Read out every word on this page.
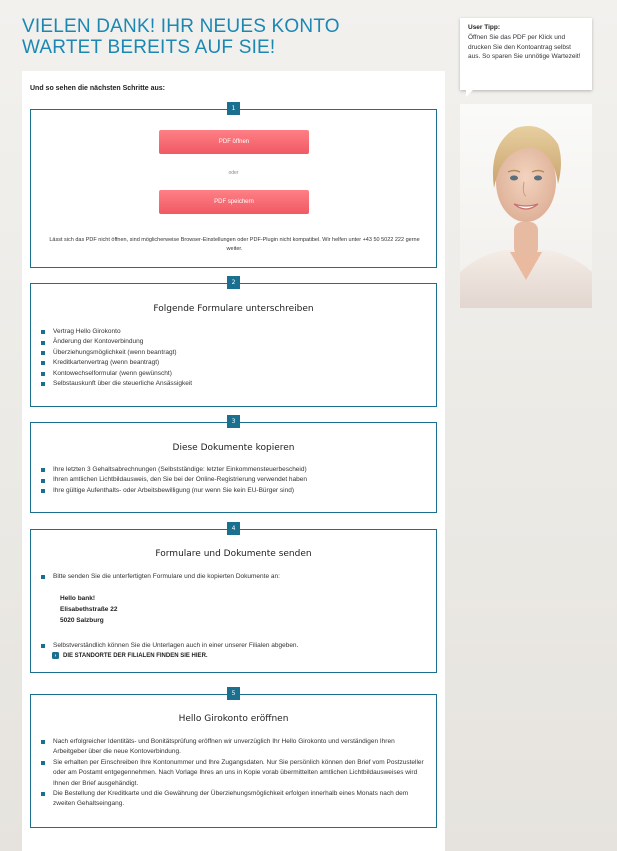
VIELEN DANK! IHR NEUES KONTO WARTET BEREITS AUF SIE!
Und so sehen die nächsten Schritte aus:
1
PDF öffnen
oder
PDF speichern
Lässt sich das PDF nicht öffnen, sind möglicherweise Browser-Einstellungen oder PDF-Plugin nicht kompatibel. Wir helfen unter +43 50 5022 222 gerne weiter.
2
Folgende Formulare unterschreiben
Vertrag Hello Girokonto
Änderung der Kontoverbindung
Überziehungsmöglichkeit (wenn beantragt)
Kreditkartenvertrag (wenn beantragt)
Kontowechselformular (wenn gewünscht)
Selbstauskunft über die steuerliche Ansässigkeit
3
Diese Dokumente kopieren
Ihre letzten 3 Gehaltsabrechnungen (Selbstständige: letzter Einkommensteuerbescheid)
Ihren amtlichen Lichtbildausweis, den Sie bei der Online-Registrierung verwendet haben
Ihre gültige Aufenthalts- oder Arbeitsbewilligung (nur wenn Sie kein EU-Bürger sind)
4
Formulare und Dokumente senden
Bitte senden Sie die unterfertigten Formulare und die kopierten Dokumente an:
Hello bank!
Elisabethstraße 22
5020 Salzburg
Selbstverständlich können Sie die Unterlagen auch in einer unserer Filialen abgeben.
›	DIE STANDORTE DER FILIALEN FINDEN SIE HIER.
5
Hello Girokonto eröffnen
Nach erfolgreicher Identitäts- und Bonitätsprüfung eröffnen wir unverzüglich Ihr Hello Girokonto und verständigen Ihren Arbeitgeber über die neue Kontoverbindung.
Sie erhalten per Einschreiben Ihre Kontonummer und Ihre Zugangsdaten. Nur Sie persönlich können den Brief vom Postzusteller oder am Postamt entgegennehmen. Nach Vorlage Ihres an uns in Kopie vorab übermittelten amtlichen Lichtbildausweises wird Ihnen der Brief ausgehändigt.
Die Bestellung der Kreditkarte und die Gewährung der Überziehungsmöglichkeit erfolgen innerhalb eines Monats nach dem zweiten Gehaltseingang.
User Tipp:
Öffnen Sie das PDF per Klick und drucken Sie den Kontoantrag selbst aus. So sparen Sie unnötige Wartezeit!
